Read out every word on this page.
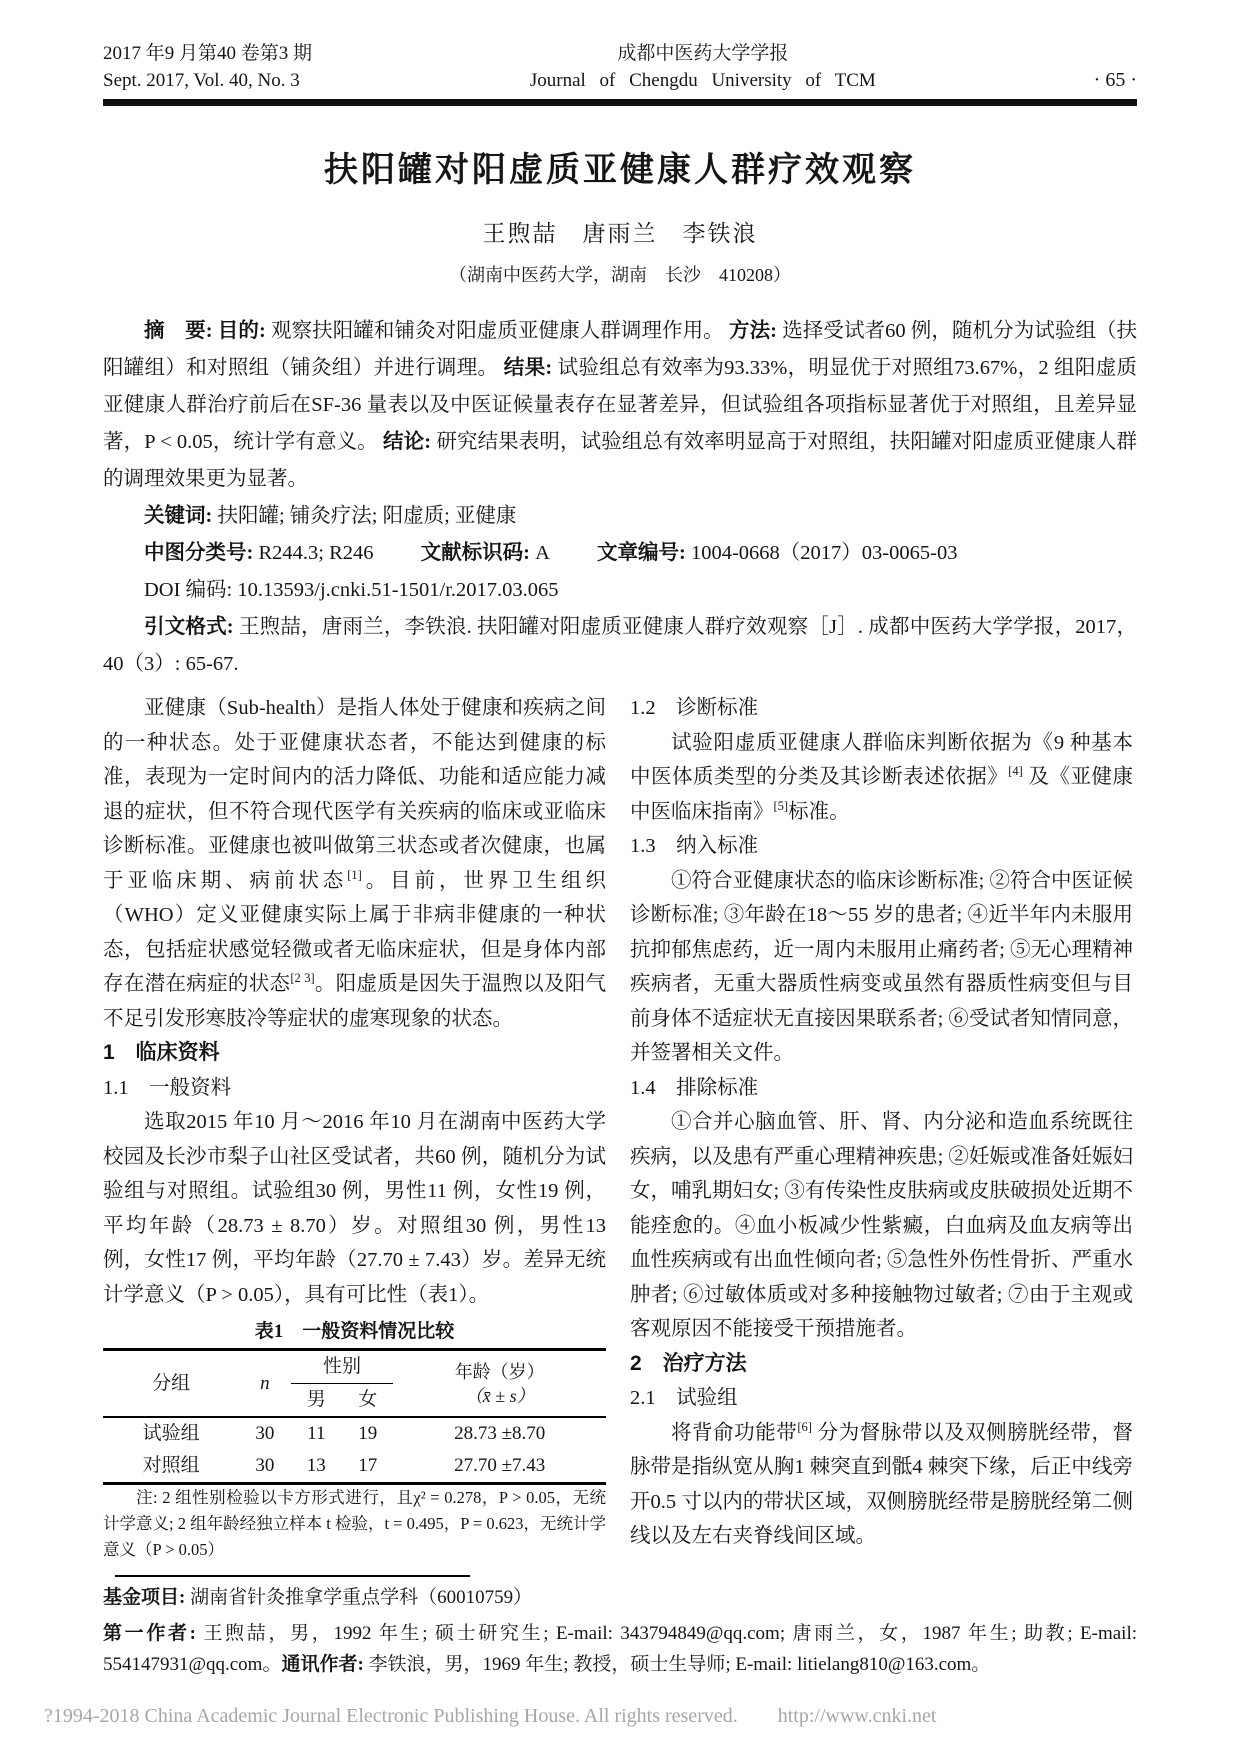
2017 年9 月第40 卷第3 期
Sept. 2017, Vol. 40, No. 3
成都中医药大学学报
Journal of Chengdu University of TCM	· 65 ·
扶阳罐对阳虚质亚健康人群疗效观察
王煦喆　唐雨兰　李铁浪
（湖南中医药大学，湖南　长沙　410208）

摘　要: 目的: 观察扶阳罐和铺灸对阳虚质亚健康人群调理作用。 方法: 选择受试者60 例，随机分为试验组（扶阳罐组）和对照组（铺灸组）并进行调理。 结果: 试验组总有效率为93.33%，明显优于对照组73.67%，2 组阳虚质亚健康人群治疗前后在SF-36 量表以及中医证候量表存在显著差异，但试验组各项指标显著优于对照组，且差异显著，P < 0.05，统计学有意义。 结论: 研究结果表明，试验组总有效率明显高于对照组，扶阳罐对阳虚质亚健康人群的调理效果更为显著。

关键词: 扶阳罐; 铺灸疗法; 阳虚质; 亚健康

中图分类号: R244.3; R246 文献标识码: A 文章编号: 1004-0668（2017）03-0065-03

DOI 编码: 10.13593/j.cnki.51-1501/r.2017.03.065

引文格式: 王煦喆，唐雨兰，李铁浪. 扶阳罐对阳虚质亚健康人群疗效观察［J］. 成都中医药大学学报，2017，40（3）: 65-67.

亚健康（Sub-health）是指人体处于健康和疾病之间的一种状态。处于亚健康状态者，不能达到健康的标准，表现为一定时间内的活力降低、功能和适应能力减退的症状，但不符合现代医学有关疾病的临床或亚临床诊断标准。亚健康也被叫做第三状态或者次健康，也属于亚临床期、病前状态[1]。目前，世界卫生组织（WHO）定义亚健康实际上属于非病非健康的一种状态，包括症状感觉轻微或者无临床症状，但是身体内部存在潜在病症的状态[2 3]。阳虚质是因失于温煦以及阳气不足引发形寒肢冷等症状的虚寒现象的状态。

1　临床资料

1.1　一般资料

选取2015 年10 月～2016 年10 月在湖南中医药大学校园及长沙市梨子山社区受试者，共60 例，随机分为试验组与对照组。试验组30 例，男性11 例，女性19 例，平均年龄（28.73 ± 8.70）岁。对照组30 例，男性13 例，女性17 例，平均年龄（27.70 ± 7.43）岁。差异无统计学意义（P > 0.05），具有可比性（表1）。

表1　一般资料情况比较
分组	n	性别		年龄（岁）
（x̄ ± s）

		男	女	
试验组	30	11	19	28.73 ±8.70
对照组	30	13	17	27.70 ±7.43

注: 2 组性别检验以卡方形式进行，且χ² = 0.278，P > 0.05，无统计学意义; 2 组年龄经独立样本 t 检验，t = 0.495，P = 0.623，无统计学意义（P > 0.05）

1.2　诊断标准

试验阳虚质亚健康人群临床判断依据为《9 种基本中医体质类型的分类及其诊断表述依据》[4] 及《亚健康中医临床指南》[5]标准。

1.3　纳入标准

①符合亚健康状态的临床诊断标准; ②符合中医证候诊断标准; ③年龄在18～55 岁的患者; ④近半年内未服用抗抑郁焦虑药，近一周内未服用止痛药者; ⑤无心理精神疾病者，无重大器质性病变或虽然有器质性病变但与目前身体不适症状无直接因果联系者; ⑥受试者知情同意，并签署相关文件。

1.4　排除标准

①合并心脑血管、肝、肾、内分泌和造血系统既往疾病，以及患有严重心理精神疾患; ②妊娠或准备妊娠妇女，哺乳期妇女; ③有传染性皮肤病或皮肤破损处近期不能痊愈的。④血小板减少性紫癜，白血病及血友病等出血性疾病或有出血性倾向者; ⑤急性外伤性骨折、严重水肿者; ⑥过敏体质或对多种接触物过敏者; ⑦由于主观或客观原因不能接受干预措施者。

2　治疗方法

2.1　试验组

将背俞功能带[6] 分为督脉带以及双侧膀胱经带，督脉带是指纵宽从胸1 棘突直到骶4 棘突下缘，后正中线旁开0.5 寸以内的带状区域，双侧膀胱经带是膀胱经第二侧线以及左右夹脊线间区域。

基金项目: 湖南省针灸推拿学重点学科（60010759）

第一作者: 王煦喆，男，1992 年生; 硕士研究生; E-mail: 343794849@qq.com; 唐雨兰，女，1987 年生; 助教; E-mail: 554147931@qq.com。通讯作者: 李铁浪，男，1969 年生; 教授，硕士生导师; E-mail: litielang810@163.com。

?1994-2018 China Academic Journal Electronic Publishing House. All rights reserved.　　http://www.cnki.net
